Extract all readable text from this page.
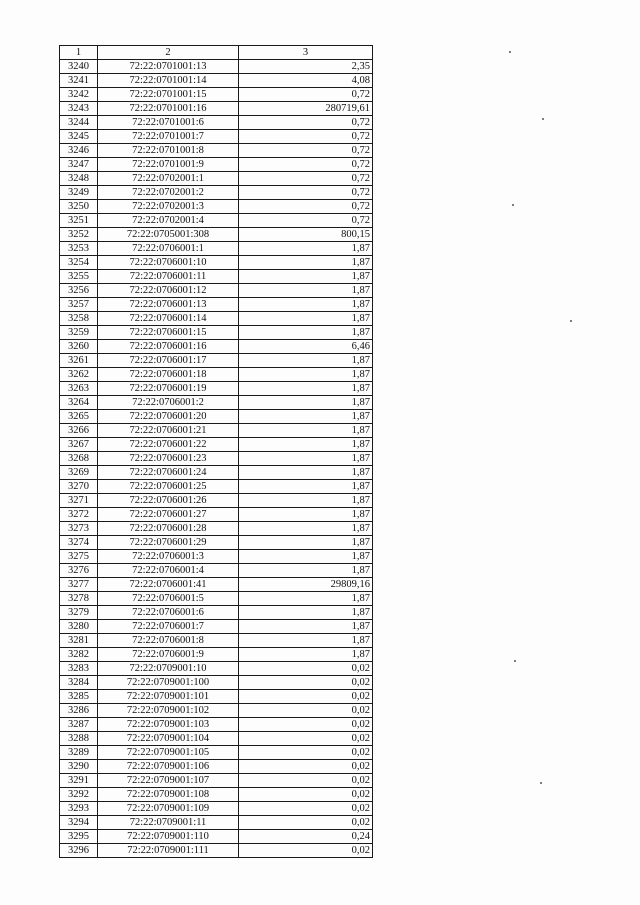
1	2	3
3240	72:22:0701001:13	2,35
3241	72:22:0701001:14	4,08
3242	72:22:0701001:15	0,72
3243	72:22:0701001:16	280719,61
3244	72:22:0701001:6	0,72
3245	72:22:0701001:7	0,72
3246	72:22:0701001:8	0,72
3247	72:22:0701001:9	0,72
3248	72:22:0702001:1	0,72
3249	72:22:0702001:2	0,72
3250	72:22:0702001:3	0,72
3251	72:22:0702001:4	0,72
3252	72:22:0705001:308	800,15
3253	72:22:0706001:1	1,87
3254	72:22:0706001:10	1,87
3255	72:22:0706001:11	1,87
3256	72:22:0706001:12	1,87
3257	72:22:0706001:13	1,87
3258	72:22:0706001:14	1,87
3259	72:22:0706001:15	1,87
3260	72:22:0706001:16	6,46
3261	72:22:0706001:17	1,87
3262	72:22:0706001:18	1,87
3263	72:22:0706001:19	1,87
3264	72:22:0706001:2	1,87
3265	72:22:0706001:20	1,87
3266	72:22:0706001:21	1,87
3267	72:22:0706001:22	1,87
3268	72:22:0706001:23	1,87
3269	72:22:0706001:24	1,87
3270	72:22:0706001:25	1,87
3271	72:22:0706001:26	1,87
3272	72:22:0706001:27	1,87
3273	72:22:0706001:28	1,87
3274	72:22:0706001:29	1,87
3275	72:22:0706001:3	1,87
3276	72:22:0706001:4	1,87
3277	72:22:0706001:41	29809,16
3278	72:22:0706001:5	1,87
3279	72:22:0706001:6	1,87
3280	72:22:0706001:7	1,87
3281	72:22:0706001:8	1,87
3282	72:22:0706001:9	1,87
3283	72:22:0709001:10	0,02
3284	72:22:0709001:100	0,02
3285	72:22:0709001:101	0,02
3286	72:22:0709001:102	0,02
3287	72:22:0709001:103	0,02
3288	72:22:0709001:104	0,02
3289	72:22:0709001:105	0,02
3290	72:22:0709001:106	0,02
3291	72:22:0709001:107	0,02
3292	72:22:0709001:108	0,02
3293	72:22:0709001:109	0,02
3294	72:22:0709001:11	0,02
3295	72:22:0709001:110	0,24
3296	72:22:0709001:111	0,02
